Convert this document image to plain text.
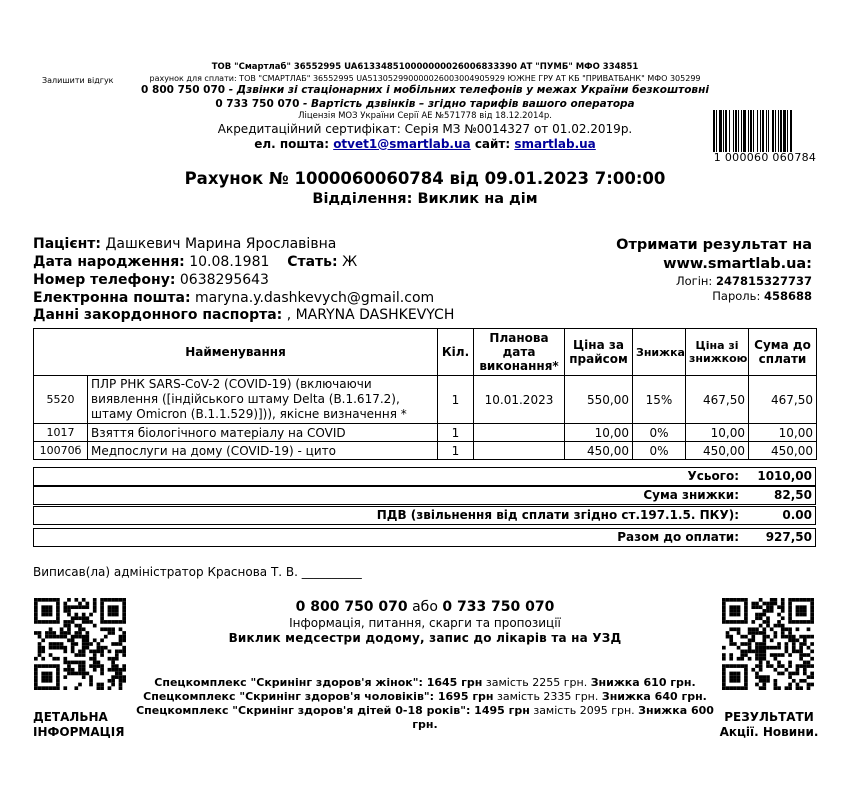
Залишити відгук
ТОВ "Смартлаб" 36552995 UA613348510000000026006833390 АТ "ПУМБ" МФО 334851
рахунок для сплати: ТОВ "СМАРТЛАБ" 36552995 UA513052990000026003004905929 ЮЖНЕ ГРУ АТ КБ "ПРИВАТБАНК" МФО 305299
0 800 750 070 - Дзвінки зі стаціонарних і мобільних телефонів у межах України безкоштовні
0 733 750 070 - Вартість дзвінків – згідно тарифів вашого оператора
Ліцензія МОЗ України Серії АЕ №571778 від 18.12.2014р.
Акредитаційний сертифікат: Серія МЗ №0014327 от 01.02.2019р.
ел. пошта: otvet1@smartlab.ua сайт: smartlab.ua
1 000060 060784
Рахунок № 1000060060784 від 09.01.2023 7:00:00
Відділення: Виклик на дім
Пацієнт: Дашкевич Марина Ярославівна
Дата народження: 10.08.1981 Стать: Ж
Номер телефону: 0638295643
Електронна пошта: maryna.y.dashkevych@gmail.com
Данні закордонного паспорта: , MARYNA DASHKEVYCH
Отримати результат на
www.smartlab.ua:
Логін: 247815327737
Пароль: 458688
Найменування		Кіл.	Планова дата виконання*	Ціна за прайсом	Знижка	Ціна зі знижкою	Сума до сплати
5520	ПЛР РНК SARS-CoV-2 (COVID-19) (включаючи виявлення ([індійського штаму Delta (B.1.617.2), штаму Omicron (B.1.1.529)])), якісне визначення *	1	10.01.2023	550,00	15%	467,50	467,50
1017	Взяття біологічного матеріалу на COVID	1		10,00	0%	10,00	10,00
10070б	Медпослуги на дому (COVID-19) - цито	1		450,00	0%	450,00	450,00
Усього: 1010,00
Сума знижки:	82,50
ПДВ (звільнення від сплати згідно ст.197.1.5. ПКУ):	0.00
Разом до оплати: 927,50
Виписав(ла) адміністратор Краснова Т. В. __________
0 800 750 070 або 0 733 750 070
Інформація, питання, скарги та пропозиції
Виклик медсестри додому, запис до лікарів та на УЗД
Спецкомплекс "Скринінг здоров'я жінок": 1645 грн замість 2255 грн. Знижка 610 грн.
Спецкомплекс "Скринінг здоров'я чоловіків": 1695 грн замість 2335 грн. Знижка 640 грн.
Спецкомплекс "Скринінг здоров'я дітей 0-18 років": 1495 грн замість 2095 грн. Знижка 600 грн.
ДЕТАЛЬНА
ІНФОРМАЦІЯ
РЕЗУЛЬТАТИ
Акції. Новини.
